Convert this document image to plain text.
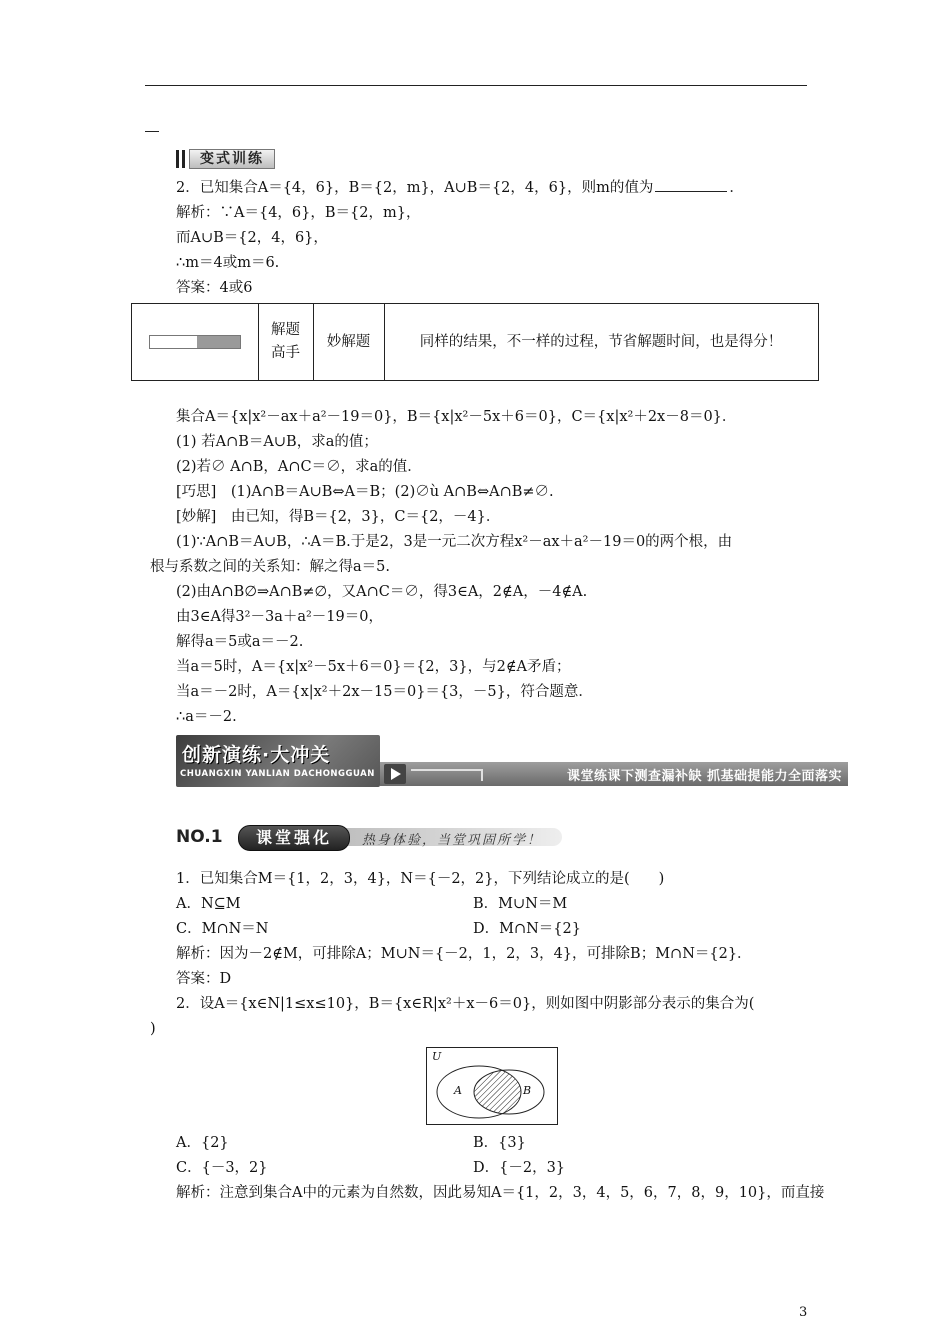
变式训练
2．已知集合A＝{4，6}，B＝{2，m}，A∪B＝{2，4，6}，则m的值为	．
解析：∵A＝{4，6}，B＝{2，m}，
而A∪B＝{2，4，6}，
∴m＝4或m＝6.
答案：4或6
解题
高手
妙解题	同样的结果，不一样的过程，节省解题时间，也是得分！
集合A＝{x|x²－ax＋a²－19＝0}，B＝{x|x²－5x＋6＝0}，C＝{x|x²＋2x－8＝0}．
(1) 若A∩B＝A∪B，求a的值；
(2)若∅ A∩B，A∩C＝∅，求a的值．
[巧思]　(1)A∩B＝A∪B⇔A＝B；(2)∅ù A∩B⇔A∩B≠∅.
[妙解]　由已知，得B＝{2，3}，C＝{2，－4}．
(1)∵A∩B＝A∪B，∴A＝B.于是2，3是一元二次方程x²－ax＋a²－19＝0的两个根，由
根与系数之间的关系知：解之得a＝5.
(2)由A∩B∅⇒A∩B≠∅，又A∩C＝∅，得3∈A，2∉A，－4∉A.
由3∈A得3²－3a＋a²－19＝0，
解得a＝5或a＝－2.
当a＝5时，A＝{x|x²－5x＋6＝0}＝{2，3}，与2∉A矛盾；
当a＝－2时，A＝{x|x²＋2x－15＝0}＝{3，－5}，符合题意．
∴a＝－2.
创新演练·大冲关
CHUANGXIN YANLIAN DACHONGGUAN	课堂练课下测查漏补缺 抓基础提能力全面落实
NO.1	课堂强化	热身体验，当堂巩固所学！
1．已知集合M＝{1，2，3，4}，N＝{－2，2}，下列结论成立的是(　　)
A．N⊆M	B．M∪N＝M
C．M∩N＝N	D．M∩N＝{2}
解析：因为－2∉M，可排除A；M∪N＝{－2，1，2，3，4}，可排除B；M∩N＝{2}．
答案：D
2．设A＝{x∈N|1≤x≤10}，B＝{x∈R|x²＋x－6＝0}，则如图中阴影部分表示的集合为(
)
U
A	B
A．{2}	B．{3}
C．{－3，2}	D．{－2，3}
解析：注意到集合A中的元素为自然数，因此易知A＝{1，2，3，4，5，6，7，8，9，10}，而直接
3
